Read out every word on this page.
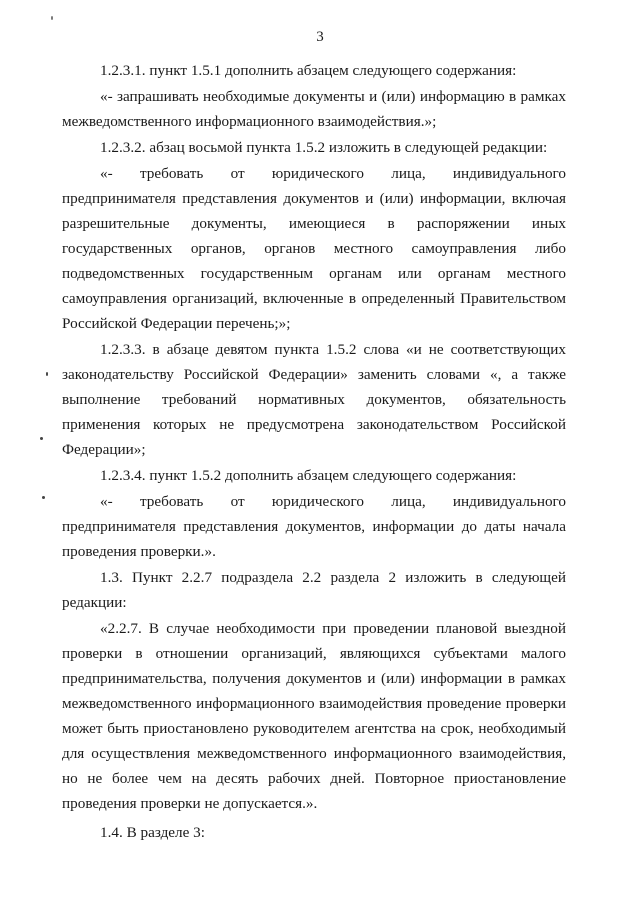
3

1.2.3.1. пункт 1.5.1 дополнить абзацем следующего содержания:

«- запрашивать необходимые документы и (или) информацию в рамках межведомственного информационного взаимодействия.»;

1.2.3.2. абзац восьмой пункта 1.5.2 изложить в следующей редакции:

«- требовать от юридического лица, индивидуального предпринимателя представления документов и (или) информации, включая разрешительные документы, имеющиеся в распоряжении иных государственных органов, органов местного самоуправления либо подведомственных государственным органам или органам местного самоуправления организаций, включенные в определенный Правительством Российской Федерации перечень;»;

1.2.3.3. в абзаце девятом пункта 1.5.2 слова «и не соответствующих законодательству Российской Федерации» заменить словами «, а также выполнение требований нормативных документов, обязательность применения которых не предусмотрена законодательством Российской Федерации»;

1.2.3.4. пункт 1.5.2 дополнить абзацем следующего содержания:

«- требовать от юридического лица, индивидуального предпринимателя представления документов, информации до даты начала проведения проверки.».

1.3. Пункт 2.2.7 подраздела 2.2 раздела 2 изложить в следующей редакции:

«2.2.7. В случае необходимости при проведении плановой выездной проверки в отношении организаций, являющихся субъектами малого предпринимательства, получения документов и (или) информации в рамках межведомственного информационного взаимодействия проведение проверки может быть приостановлено руководителем агентства на срок, необходимый для осуществления межведомственного информационного взаимодействия, но не более чем на десять рабочих дней. Повторное приостановление проведения проверки не допускается.».

1.4. В разделе 3:
